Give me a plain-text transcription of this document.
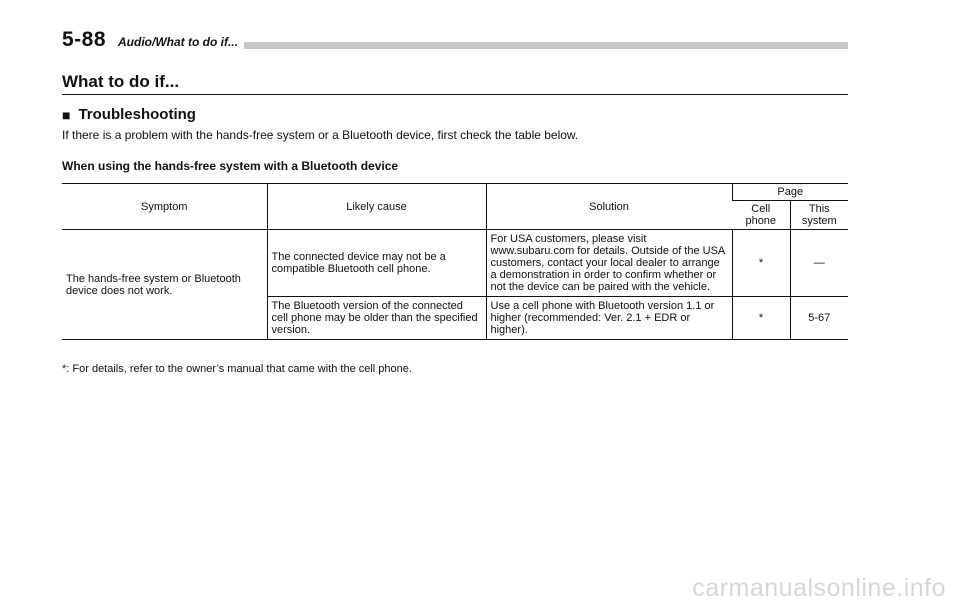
5-88 Audio/What to do if...
What to do if...
■ Troubleshooting
If there is a problem with the hands-free system or a Bluetooth device, first check the table below.
When using the hands-free system with a Bluetooth device
Symptom	Likely cause	Solution	Page	
			Cell phone	This system
The hands-free system or Bluetooth device does not work.	The connected device may not be a compatible Bluetooth cell phone.	For USA customers, please visit www.subaru.com for details. Outside of the USA customers, contact your local dealer to arrange a demonstration in order to confirm whether or not the device can be paired with the vehicle.	*	—
	The Bluetooth version of the connected cell phone may be older than the specified version.	Use a cell phone with Bluetooth version 1.1 or higher (recommended: Ver. 2.1 + EDR or higher).	*	5-67
*: For details, refer to the owner’s manual that came with the cell phone.
carmanualsonline.info
